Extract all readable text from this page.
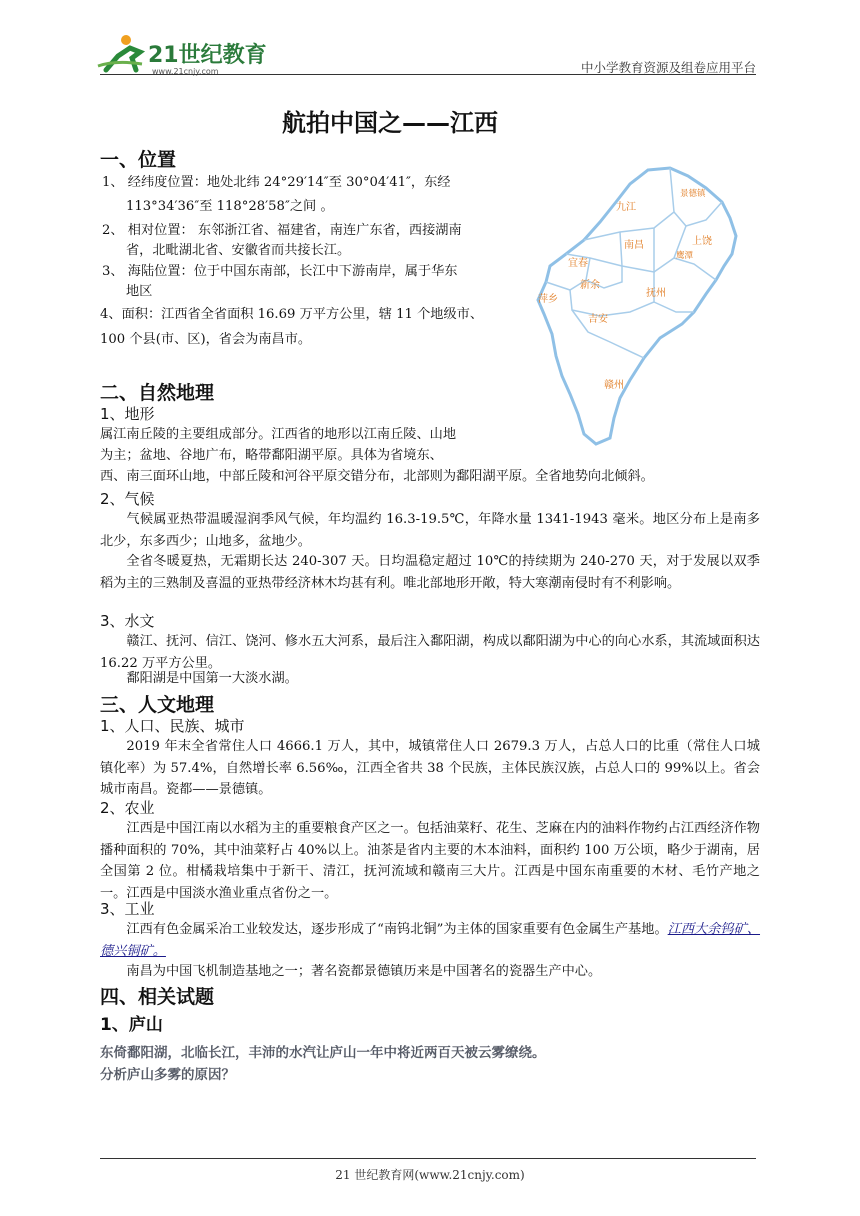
21世纪教育
www.21cnjy.com	中小学教育资源及组卷应用平台
航拍中国之——江西
一、位置
1、 经纬度位置：地处北纬 24°29′14″至 30°04′41″，东经
113°34′36″至 118°28′58″之间 。
2、 相对位置： 东邻浙江省、福建省，南连广东省，西接湖南
省，北毗湖北省、安徽省而共接长江。
3、 海陆位置：位于中国东南部，长江中下游南岸，属于华东
地区
4、面积：江西省全省面积 16.69 万平方公里，辖 11 个地级市、
100 个县(市、区)，省会为南昌市。
九江
景德镇
上饶
南昌
鹰潭
宜春
新余
抚州
萍乡
吉安
赣州
二、自然地理
1、地形
属江南丘陵的主要组成部分。江西省的地形以江南丘陵、山地
为主；盆地、谷地广布，略带鄱阳湖平原。具体为省境东、
西、南三面环山地，中部丘陵和河谷平原交错分布，北部则为鄱阳湖平原。全省地势向北倾斜。
2、气候
气候属亚热带温暖湿润季风气候，年均温约 16.3-19.5℃，年降水量 1341-1943 毫米。地区分布上是南多北少，东多西少；山地多，盆地少。
全省冬暖夏热，无霜期长达 240-307 天。日均温稳定超过 10℃的持续期为 240-270 天，对于发展以双季稻为主的三熟制及喜温的亚热带经济林木均甚有利。唯北部地形开敞，特大寒潮南侵时有不利影响。
3、水文
赣江、抚河、信江、饶河、修水五大河系，最后注入鄱阳湖，构成以鄱阳湖为中心的向心水系，其流域面积达 16.22 万平方公里。
鄱阳湖是中国第一大淡水湖。
三、人文地理
1、人口、民族、城市
2019 年末全省常住人口 4666.1 万人，其中，城镇常住人口 2679.3 万人，占总人口的比重（常住人口城镇化率）为 57.4%，自然增长率 6.56‰，江西全省共 38 个民族，主体民族汉族，占总人口的 99%以上。省会城市南昌。瓷都——景德镇。
2、农业
江西是中国江南以水稻为主的重要粮食产区之一。包括油菜籽、花生、芝麻在内的油料作物约占江西经济作物播种面积的 70%，其中油菜籽占 40%以上。油茶是省内主要的木本油料，面积约 100 万公顷，略少于湖南，居全国第 2 位。柑橘栽培集中于新干、清江，抚河流域和赣南三大片。江西是中国东南重要的木材、毛竹产地之一。江西是中国淡水渔业重点省份之一。
3、工业
江西有色金属采冶工业较发达，逐步形成了“南钨北铜”为主体的国家重要有色金属生产基地。江西大余钨矿、德兴铜矿。
南昌为中国飞机制造基地之一；著名瓷都景德镇历来是中国著名的瓷器生产中心。
四、相关试题
1、庐山
东倚鄱阳湖，北临长江，丰沛的水汽让庐山一年中将近两百天被云雾缭绕。
分析庐山多雾的原因？
21 世纪教育网(www.21cnjy.com)
